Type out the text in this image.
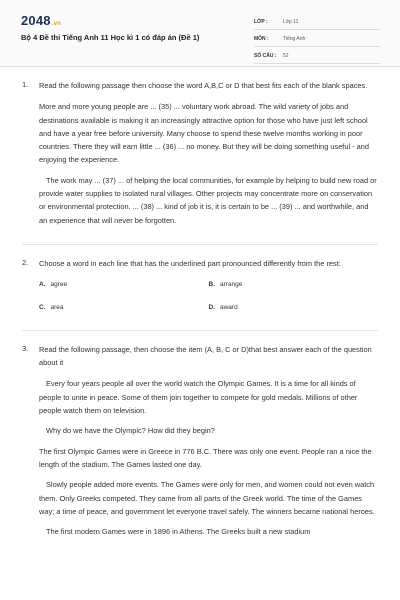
2048.vn
Bộ 4 Đề thi Tiếng Anh 11 Học kì 1 có đáp án (Đề 1)
LỚP :	Lớp 11
MÔN :	Tiếng Anh
SỐ CÂU :	52
1.	Read the following passage then choose the word A,B,C or D that best fits each of the blank spaces.

More and more young people are ... (35) ... voluntary work abroad. The wild variety of jobs and destinations available is making it an increasingly attractive option for those who have just left school and have a year free before university. Many choose to spend these twelve months working in poor countries. There they will earn little ... (36) ... no money. But they will be doing something useful - and enjoying the experience.

The work may ... (37) ... of helping the local communities, for example by helping to build new road or provide water supplies to isolated rural villages. Other projects may concentrate more on conservation or environmental protection. ... (38) ... kind of job it is, it is certain to be ... (39) ... and worthwhile, and an experience that will never be forgotten.

2.	Choose a word in each line that has the underlined part pronounced differently from the rest:

A. agree	B. arrange
C. area	D. award
3.	Read the following passage, then choose the item (A, B, C or D)that best answer each of the question about it

Every four years people all over the world watch the Olympic Games. It is a time for all kinds of people to unite in peace. Some of them join together to compete for gold medals. Millions of other people watch them on television.

Why do we have the Olympic? How did they begin?

The first Olympic Games were in Greece in 776 B.C. There was only one event. People ran a nice the length of the stadium. The Games lasted one day.

Slowly people added more events. The Games were only for men, and women could not even watch them. Only Greeks competed. They came from all parts of the Greek world. The time of the Games way; a time of peace, and government let everyone travel safely. The winners became national heroes.

The first modern Games were in 1896 in Athens. The Greeks built a new stadium
